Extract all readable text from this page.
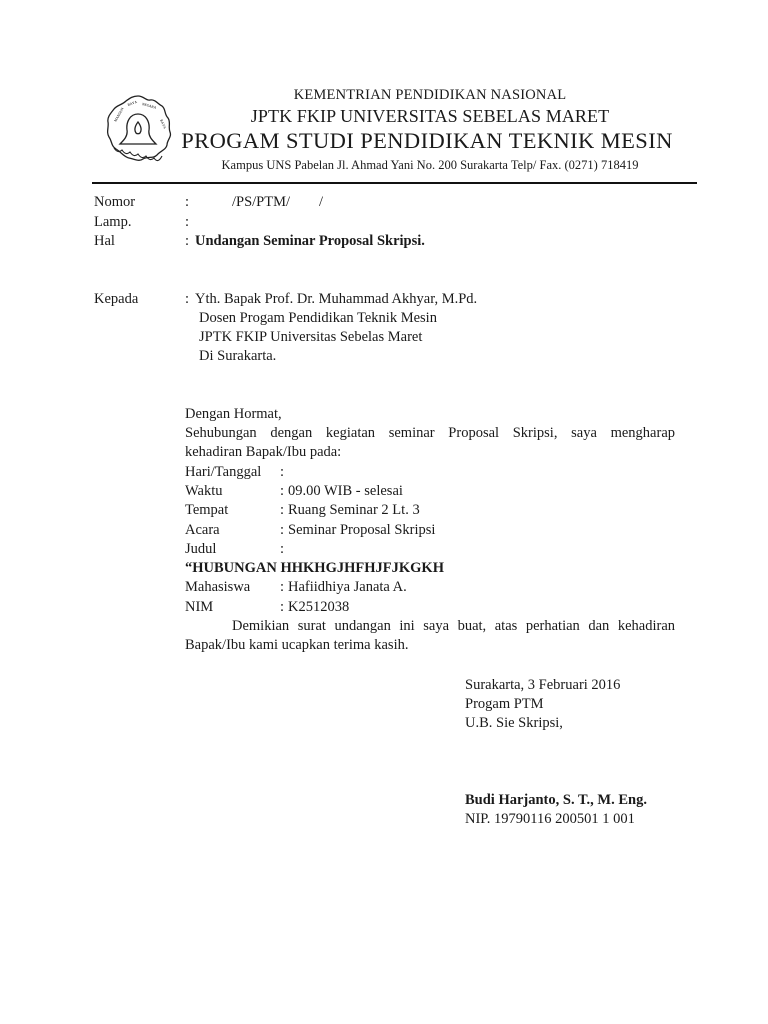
ᴍᴀɴɢᴜɴ
ʙᴀᴠᴀ ɴᴇɢᴀʀᴀ
ʀᴀʏᴀ
KEMENTRIAN PENDIDIKAN NASIONAL
JPTK FKIP UNIVERSITAS SEBELAS MARET
PROGAM STUDI PENDIDIKAN TEKNIK MESIN
Kampus UNS Pabelan Jl. Ahmad Yani No. 200 Surakarta Telp/ Fax. (0271) 718419
Nomor	:	/PS/PTM/        /
Lamp.	:
Hal	: Undangan Seminar Proposal Skripsi.
Kepada	: Yth. Bapak Prof. Dr. Muhammad Akhyar, M.Pd.
Dosen Progam Pendidikan Teknik Mesin
JPTK FKIP Universitas Sebelas Maret
Di Surakarta.
Dengan Hormat,
Sehubungan dengan kegiatan seminar Proposal Skripsi, saya mengharap
kehadiran Bapak/Ibu pada:
Hari/Tanggal :
Waktu	: 09.00 WIB - selesai
Tempat	: Ruang Seminar 2 Lt. 3
Acara	: Seminar Proposal Skripsi
Judul	:
“HUBUNGAN HHKHGJHFHJFJKGKH
Mahasiswa : Hafiidhiya Janata A.
NIM	: K2512038
Demikian surat undangan ini saya buat, atas perhatian dan kehadiran
Bapak/Ibu kami ucapkan terima kasih.
Surakarta, 3 Februari 2016
Progam PTM
U.B. Sie Skripsi,
Budi Harjanto, S. T., M. Eng.
NIP. 19790116 200501 1 001
